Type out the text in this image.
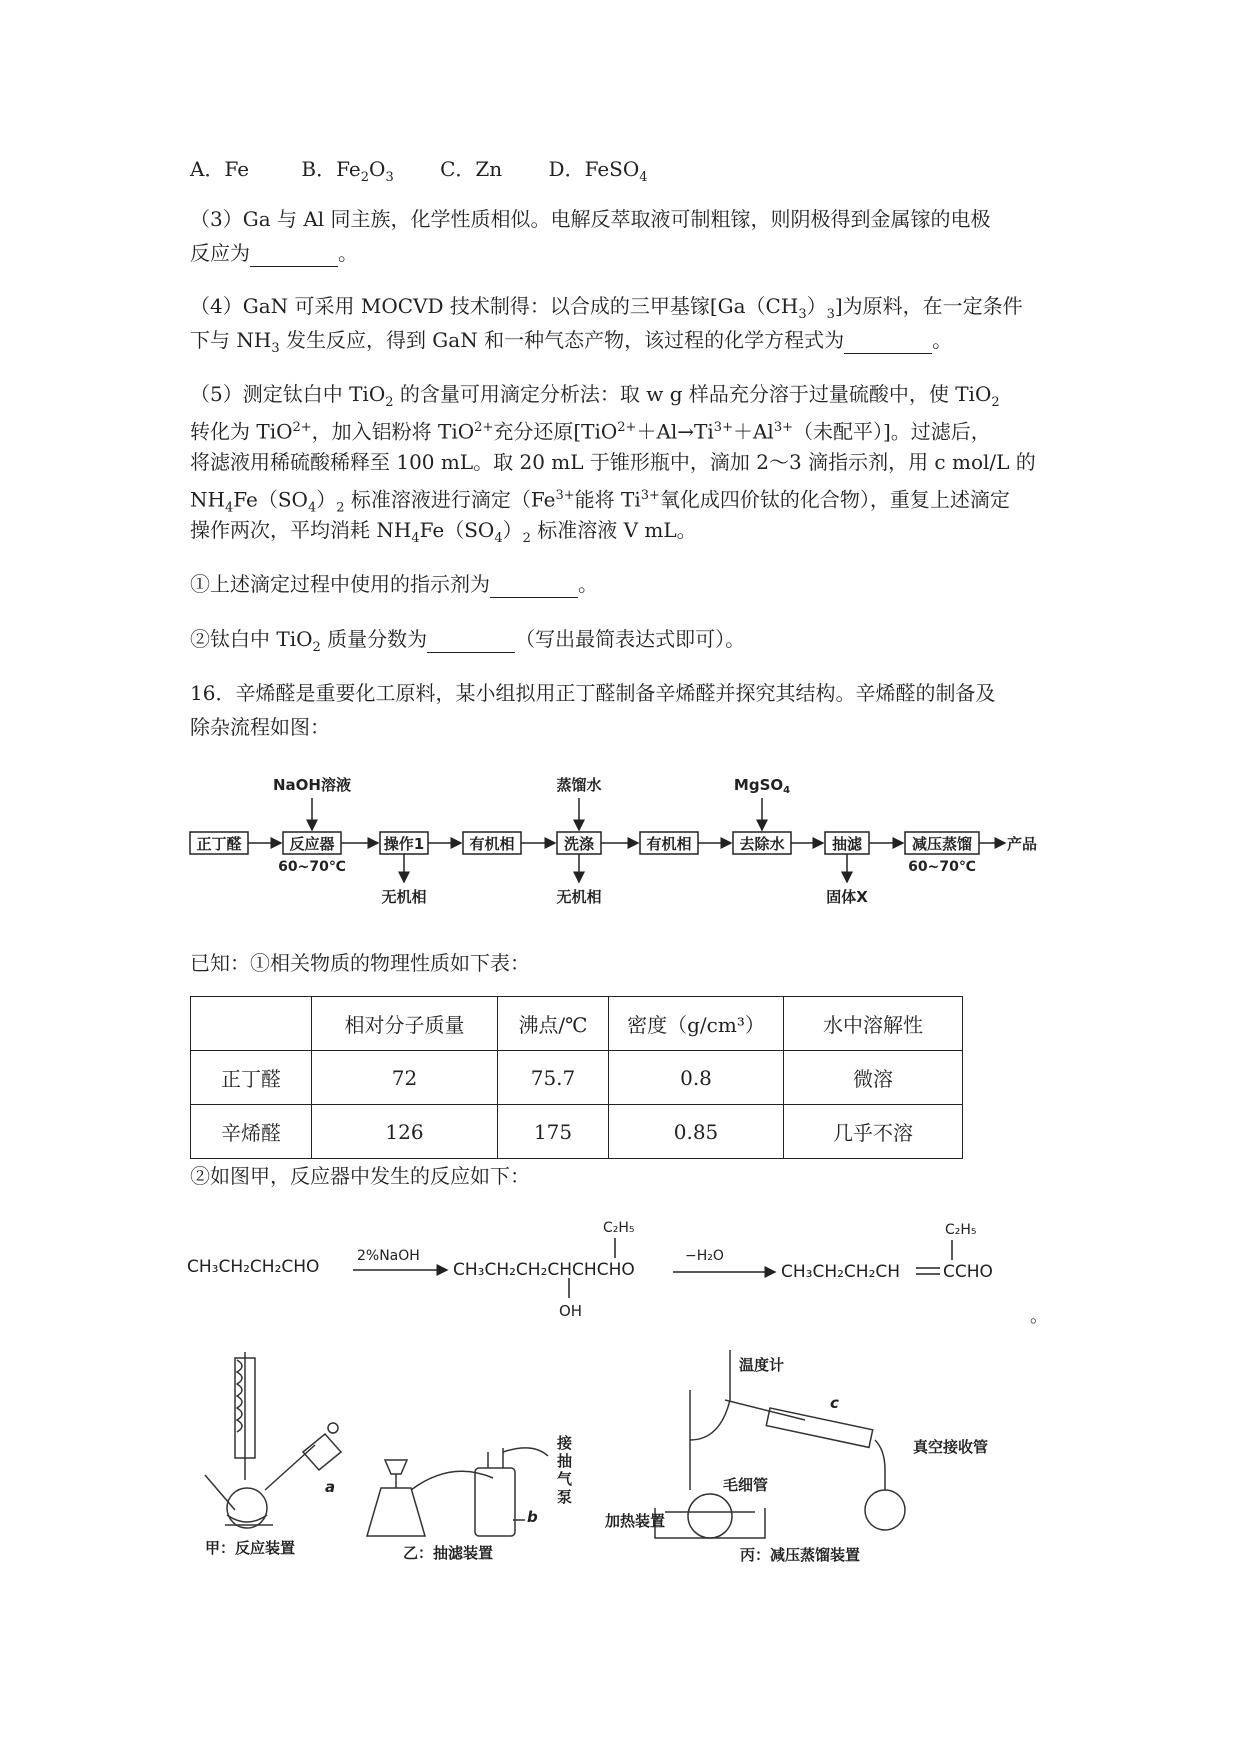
A．Fe	B．$Fe_2O_3$ C．Zn D．FeSO$_4$
（3）Ga 与 Al 同主族，化学性质相似。电解反萃取液可制粗镓，则阴极得到金属镓的电极
反应为	。
（4）GaN 可采用 MOCVD 技术制得：以合成的三甲基镓$[Ga(CH_3)_3]$为原料，在一定条件
下与 $NH_3$ 发生反应，得到 GaN 和一种气态产物，该过程的化学方程式为	。
（5）测定钛白中 TiO$_2$ 的含量可用滴定分析法：取 w g 样品充分溶于过量硫酸中，使 TiO$_2$
转化为 TiO$^{2+}$，加入铝粉将 TiO$^{2+}$充分还原[$TiO^{2+}+Al\to Ti^{3+}+Al^{3+}$（未配平）]。过滤后，
将滤液用稀硫酸稀释至 100 mL。取 20 mL 于锥形瓶中，滴加 2～3 滴指示剂，用 c mol/L 的
$NH_4Fe(SO_4)_2$ 标准溶液进行滴定（$Fe^{3+}$能将 $Ti^{3+}$氧化成四价钛的化合物），重复上述滴定
操作两次，平均消耗 $NH_4Fe(SO_4)_2$ 标准溶液 V mL。
①上述滴定过程中使用的指示剂为	。
②钛白中 TiO$_2$ 质量分数为	（写出最简表达式即可）。
16．辛烯醛是重要化工原料，某小组拟用正丁醛制备辛烯醛并探究其结构。辛烯醛的制备及
除杂流程如图：
正丁醛	反应器	操作1	有机相	洗涤	有机相	去除水	抽滤	减压蒸馏 产品
NaOH溶液	蒸馏水	MgSO$_4$
60~70℃	60~70℃
无机相	无机相	固体X
已知：①相关物质的物理性质如下表：
	相对分子质量	沸点/℃	密度（g/cm³）	水中溶解性
正丁醛	72	75.7	0.8	微溶
辛烯醛	126	175	0.85	几乎不溶
②如图甲，反应器中发生的反应如下：
CH₃CH₂CH₂CHO
2%NaOH
CH₃CH₂CH₂CHCHCHO
C₂H₅
OH
−H₂O
CH₃CH₂CH₂CH	CCHO
C₂H₅
。
甲：反应装置	乙：抽滤装置	丙：减压蒸馏装置
a
b
c
接
抽
气
泵
温度计
真空接收管
毛细管
加热装置
